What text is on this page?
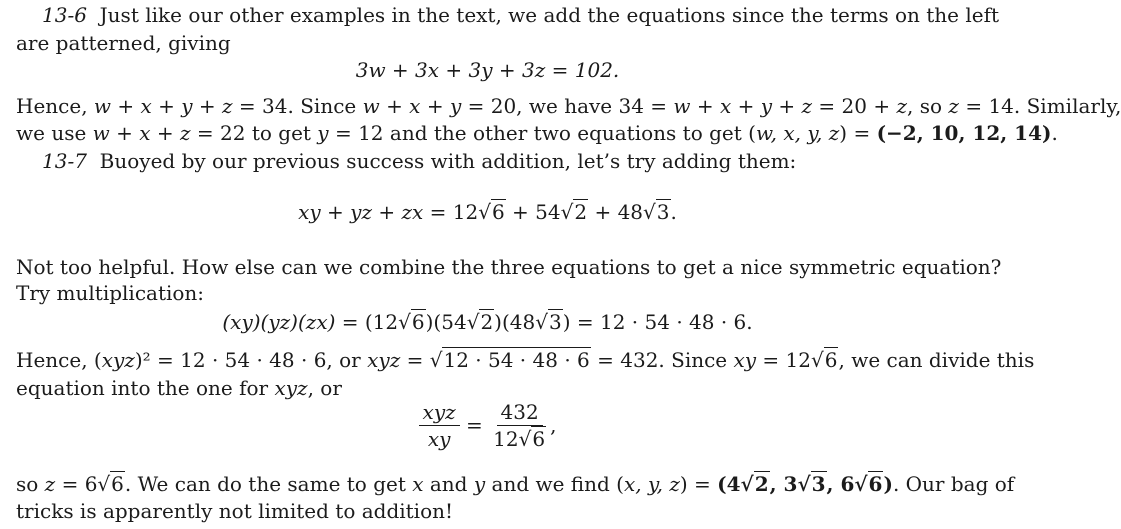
13-6 Just like our other examples in the text, we add the equations since the terms on the left
are patterned, giving
3w + 3x + 3y + 3z = 102.
Hence, w + x + y + z = 34. Since w + x + y = 20, we have 34 = w + x + y + z = 20 + z, so z = 14. Similarly,
we use w + x + z = 22 to get y = 12 and the other two equations to get (w, x, y, z) = (−2, 10, 12, 14).
13-7 Buoyed by our previous success with addition, let’s try adding them:
xy + yz + zx = 12√6 + 54√2 + 48√3.
Not too helpful. How else can we combine the three equations to get a nice symmetric equation?
Try multiplication:
(xy)(yz)(zx) = (12√6)(54√2)(48√3) = 12 · 54 · 48 · 6.
Hence, (xyz)² = 12 · 54 · 48 · 6, or xyz = √12 · 54 · 48 · 6 = 432. Since xy = 12√6, we can divide this
equation into the one for xyz, or
$\frac{\text{xyz}}{xy} = \frac{432}{12√6}$ ,
so z = 6√6. We can do the same to get x and y and we find (x, y, z) = (4√2, 3√3, 6√6). Our bag of
tricks is apparently not limited to addition!
